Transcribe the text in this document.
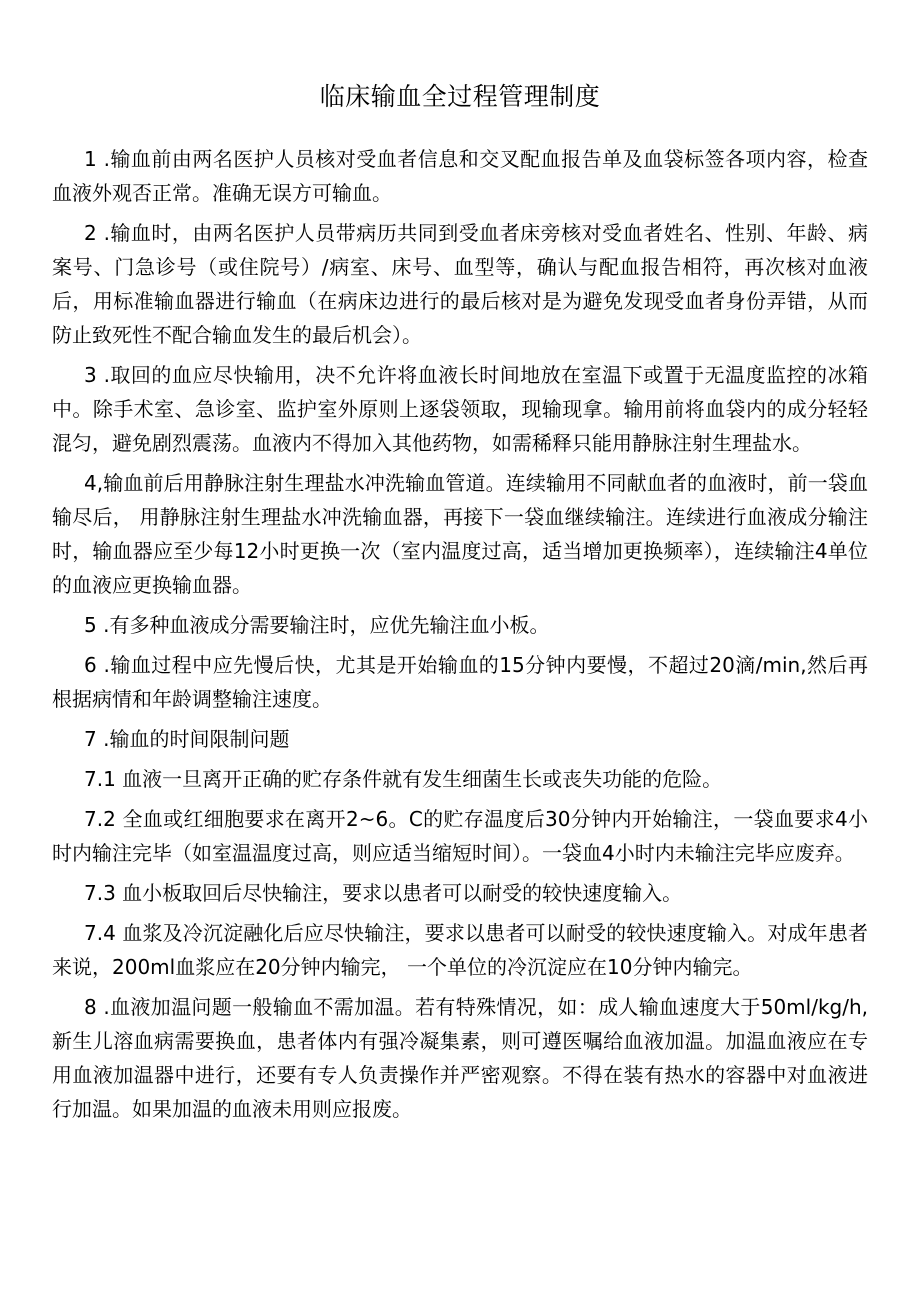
临床输血全过程管理制度

1 .输血前由两名医护人员核对受血者信息和交叉配血报告单及血袋标签各项内容，检查血液外观否正常。准确无误方可输血。

2 .输血时，由两名医护人员带病历共同到受血者床旁核对受血者姓名、性别、年龄、病案号、门急诊号（或住院号）/病室、床号、血型等，确认与配血报告相符，再次核对血液后，用标准输血器进行输血（在病床边进行的最后核对是为避免发现受血者身份弄错，从而防止致死性不配合输血发生的最后机会）。

3 .取回的血应尽快输用，决不允许将血液长时间地放在室温下或置于无温度监控的冰箱中。除手术室、急诊室、监护室外原则上逐袋领取，现输现拿。输用前将血袋内的成分轻轻混匀，避免剧烈震荡。血液内不得加入其他药物，如需稀释只能用静脉注射生理盐水。

4,输血前后用静脉注射生理盐水冲洗输血管道。连续输用不同献血者的血液时，前一袋血输尽后， 用静脉注射生理盐水冲洗输血器，再接下一袋血继续输注。连续进行血液成分输注时，输血器应至少每12小时更换一次（室内温度过高，适当增加更换频率），连续输注4单位的血液应更换输血器。

5 .有多种血液成分需要输注时，应优先输注血小板。

6 .输血过程中应先慢后快，尤其是开始输血的15分钟内要慢，不超过20滴/min,然后再根据病情和年龄调整输注速度。

7 .输血的时间限制问题

7.1 血液一旦离开正确的贮存条件就有发生细菌生长或丧失功能的危险。

7.2 全血或红细胞要求在离开2~6。C的贮存温度后30分钟内开始输注，一袋血要求4小时内输注完毕（如室温温度过高，则应适当缩短时间）。一袋血4小时内未输注完毕应废弃。

7.3 血小板取回后尽快输注，要求以患者可以耐受的较快速度输入。

7.4 血浆及冷沉淀融化后应尽快输注，要求以患者可以耐受的较快速度输入。对成年患者来说，200ml血浆应在20分钟内输完， 一个单位的冷沉淀应在10分钟内输完。

8 .血液加温问题一般输血不需加温。若有特殊情况，如：成人输血速度大于50ml/kg/h,新生儿溶血病需要换血，患者体内有强冷凝集素，则可遵医嘱给血液加温。加温血液应在专用血液加温器中进行，还要有专人负责操作并严密观察。不得在装有热水的容器中对血液进行加温。如果加温的血液未用则应报废。
